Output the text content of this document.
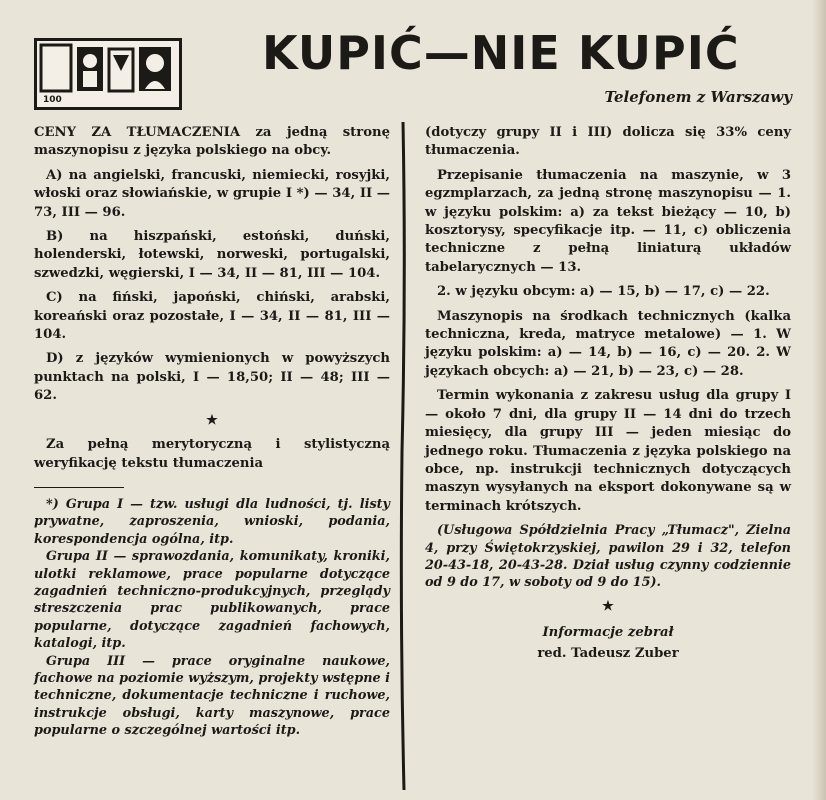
100
KUPIĆ—NIE KUPIĆ
Telefonem z Warszawy

CENY ZA TŁUMACZENIA za jedną stronę maszynopisu z języka polskiego na obcy.

A) na angielski, francuski, niemiecki, rosyjki, włoski oraz słowiańskie, w grupie I *) — 34, II — 73, III — 96.

B) na hiszpański, estoński, duński, holenderski, łotewski, norweski, portugalski, szwedzki, węgierski, I — 34, II — 81, III — 104.

C) na fiński, japoński, chiński, arabski, koreański oraz pozostałe, I — 34, II — 81, III — 104.

D) z języków wymienionych w powyższych punktach na polski, I — 18,50; II — 48; III — 62.

★

Za pełną merytoryczną i stylistyczną weryfikację tekstu tłumaczenia

*) Grupa I — tzw. usługi dla ludności, tj. listy prywatne, zaproszenia, wnioski, podania, korespondencja ogólna, itp.

Grupa II — sprawozdania, komunikaty, kroniki, ulotki reklamowe, prace popularne dotyczące zagadnień techniczno-produkcyjnych, przeglądy streszczenia prac publikowanych, prace popularne, dotyczące zagadnień fachowych, katalogi, itp.

Grupa III — prace oryginalne naukowe, fachowe na poziomie wyższym, projekty wstępne i techniczne, dokumentacje techniczne i ruchowe, instrukcje obsługi, karty maszynowe, prace popularne o szczególnej wartości itp.

(dotyczy grupy II i III) dolicza się 33% ceny tłumaczenia.

Przepisanie tłumaczenia na maszynie, w 3 egzmplarzach, za jedną stronę maszynopisu — 1. w języku polskim: a) za tekst bieżący — 10, b) kosztorysy, specyfikacje itp. — 11, c) obliczenia techniczne z pełną liniaturą układów tabelarycznych — 13.

2. w języku obcym: a) — 15, b) — 17, c) — 22.

Maszynopis na środkach technicznych (kalka techniczna, kreda, matryce metalowe) — 1. W języku polskim: a) — 14, b) — 16, c) — 20. 2. W językach obcych: a) — 21, b) — 23, c) — 28.

Termin wykonania z zakresu usług dla grupy I — około 7 dni, dla grupy II — 14 dni do trzech miesięcy, dla grupy III — jeden miesiąc do jednego roku. Tłumaczenia z języka polskiego na obce, np. instrukcji technicznych dotyczących maszyn wysyłanych na eksport dokonywane są w terminach krótszych.

(Usługowa Spółdzielnia Pracy „Tłumacz", Zielna 4, przy Świętokrzyskiej, pawilon 29 i 32, telefon 20-43-18, 20-43-28. Dział usług czynny codziennie od 9 do 17, w soboty od 9 do 15).

★
Informacje zebrał
red. Tadeusz Zuber
